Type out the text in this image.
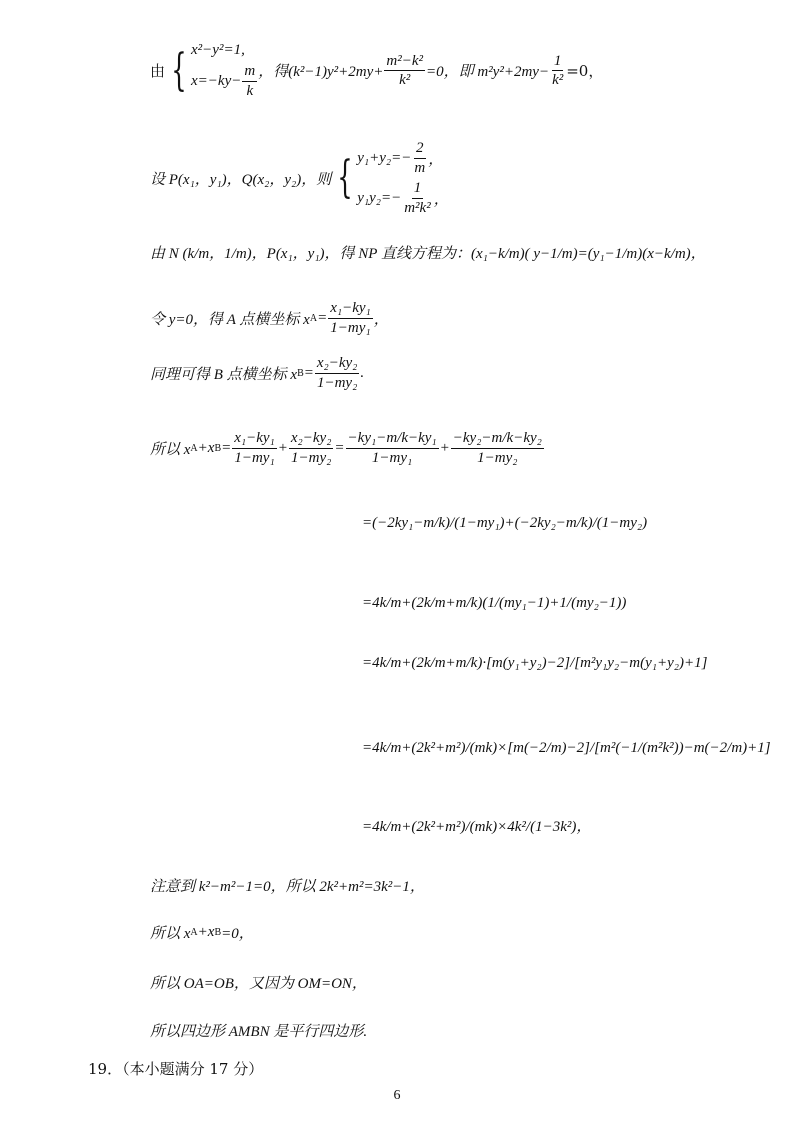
由 { x²−y²=1,
$x=-ky- \frac{m}{k}$ ，得$(k^2-1)y^2+2my+ \frac{\text{m²−k²}}{\text{k²}} =0$，即 $m^2y^2+2my- \frac{1}{\text{k²}} =0$，
设 P(x₁，y₁)，Q(x₂，y₂)，则 { $y_1+y_2=- \frac{2}{m}$ ，
$y_1y_2=- \frac{1}{\text{m²k²}}$ ，
由 N (k/m，1/m)，P(x₁，y₁)，得 NP 直线方程为：(x₁−k/m)( y−1/m)=(y₁−1/m)(x−k/m)，
令 y=0，得 A 点横坐标 x $A = \frac{\text{x₁−ky₁}}{\text{1−my₁}}$ ，
同理可得 B 点横坐标 x $B = \frac{\text{x₂−ky₂}}{\text{1−my₂}}$ .
所以 x A +x $B = \frac{\text{x₁−ky₁}}{\text{1−my₁}} + \frac{\text{x₂−ky₂}}{\text{1−my₂}} = \frac{\text{−ky₁−m/k−ky₁}}{\text{1−my₁}} + \frac{\text{−ky₂−m/k−ky₂}}{\text{1−my₂}}$
=(−2ky₁−m/k)/(1−my₁)+(−2ky₂−m/k)/(1−my₂)
=4k/m+(2k/m+m/k)(1/(my₁−1)+1/(my₂−1))
=4k/m+(2k/m+m/k)·[m(y₁+y₂)−2]/[m²y₁y₂−m(y₁+y₂)+1]
=4k/m+(2k²+m²)/(mk)×[m(−2/m)−2]/[m²(−1/(m²k²))−m(−2/m)+1]
=4k/m+(2k²+m²)/(mk)×4k²/(1−3k²)，
注意到 k²−m²−1=0，所以 2k²+m²=3k²−1，
所以 x A +x B =0，
所以 OA=OB，又因为 OM=ON，
所以四边形 AMBN 是平行四边形.
19．（本小题满分 17 分）
6
